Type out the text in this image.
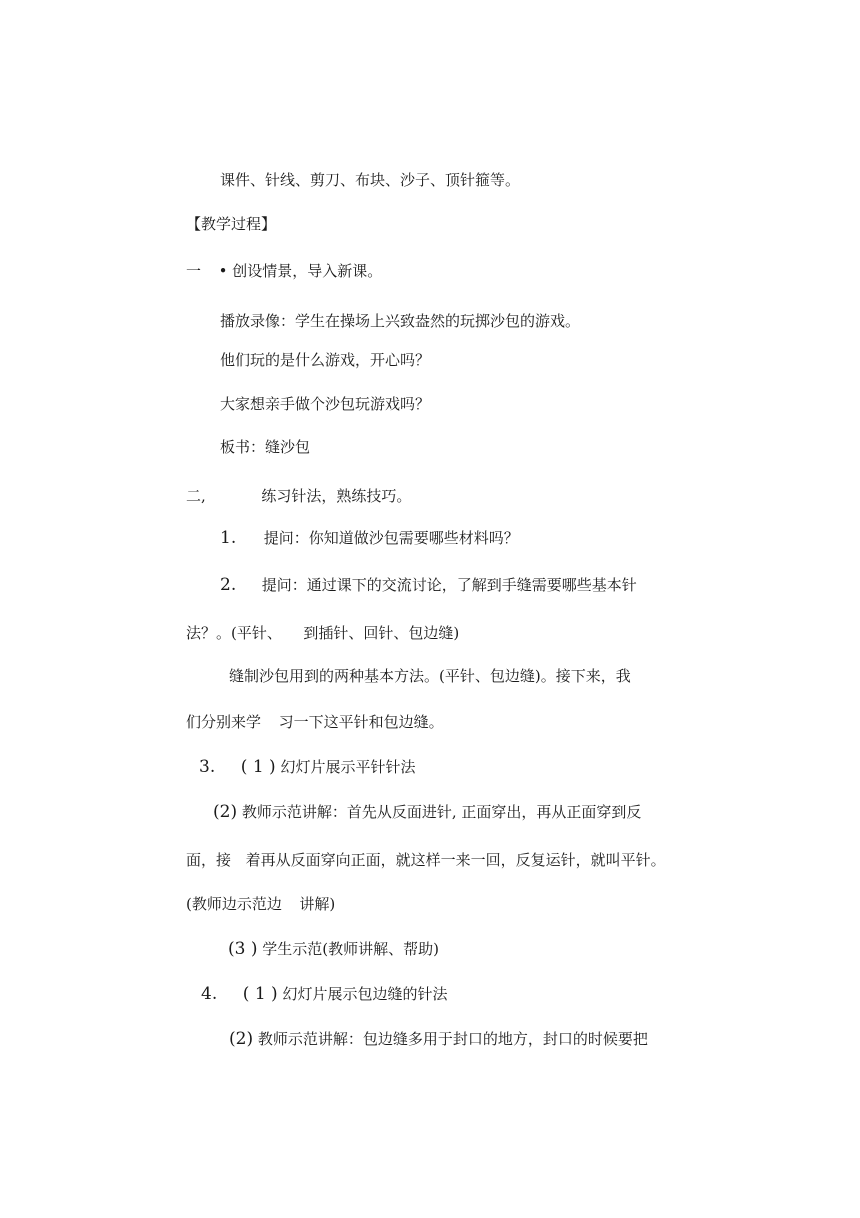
课件、针线、剪刀、布块、沙子、顶针箍等。
【教学过程】
一 • 创设情景，导入新课。
播放录像：学生在操场上兴致盎然的玩掷沙包的游戏。
他们玩的是什么游戏，开心吗？
大家想亲手做个沙包玩游戏吗？
板书：缝沙包
二,	练习针法，熟练技巧。
1. 提问：你知道做沙包需要哪些材料吗？
2. 提问：通过课下的交流讨论，了解到手缝需要哪些基本针
法？。(平针、 到插针、回针、包边缝)
缝制沙包用到的两种基本方法。(平针、包边缝)。接下来，我
们分别来学 习一下这平针和包边缝。
3. ( 1 ) 幻灯片展示平针针法
(2) 教师示范讲解：首先从反面进针, 正面穿出，再从正面穿到反
面，接 着再从反面穿向正面，就这样一来一回，反复运针，就叫平针。
(教师边示范边 讲解)
(3 ) 学生示范(教师讲解、帮助)
4. ( 1 ) 幻灯片展示包边缝的针法
(2) 教师示范讲解：包边缝多用于封口的地方，封口的时候要把
